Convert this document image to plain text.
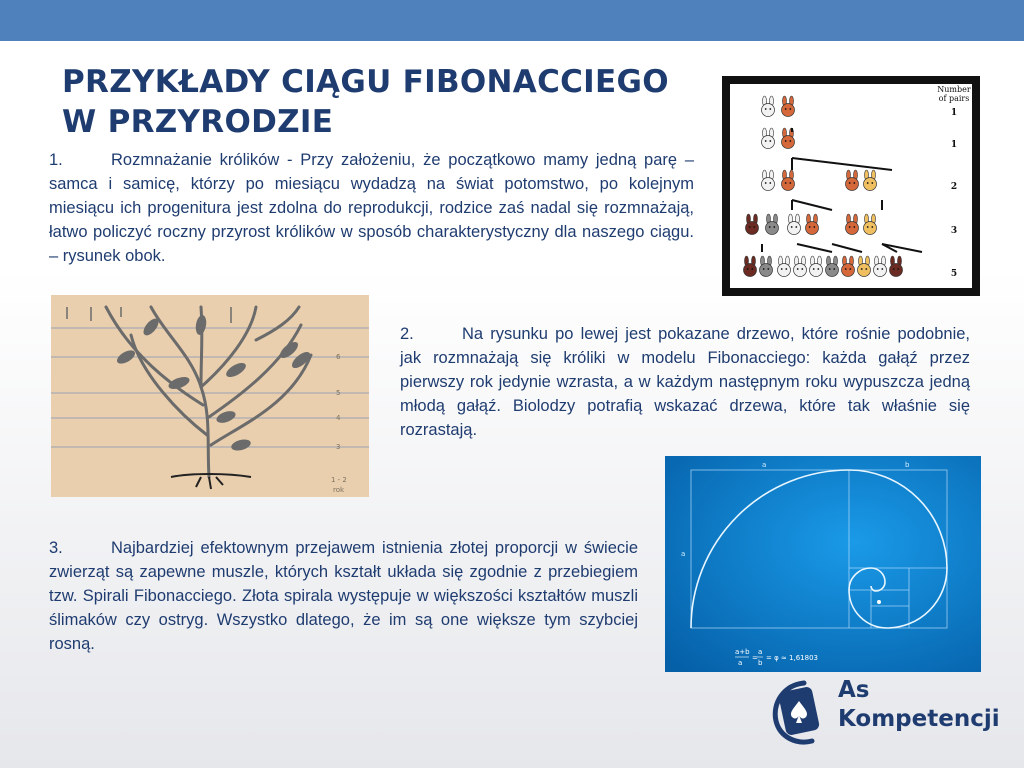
PRZYKŁADY CIĄGU FIBONACCIEGO
W PRZYRODZIE

1.	Rozmnażanie królików - Przy założeniu, że początkowo mamy jedną parę – samca i samicę, którzy po miesiącu wydadzą na świat potomstwo, po kolejnym miesiącu ich progenitura jest zdolna do reprodukcji, rodzice zaś nadal się rozmnażają, łatwo policzyć roczny przyrost królików w sposób charakterystyczny dla naszego ciągu. – rysunek obok.

2.	Na rysunku po lewej jest pokazane drzewo, które rośnie podobnie, jak rozmnażają się króliki w modelu Fibonacciego: każda gałąź przez pierwszy rok jedynie wzrasta, a w każdym następnym roku wypuszcza jedną młodą gałąź. Biolodzy potrafią wskazać drzewa, które tak właśnie się rozrastają.

3.	Najbardziej efektownym przejawem istnienia złotej proporcji w świecie zwierząt są zapewne muszle, których kształt układa się zgodnie z przebiegiem tzw. Spirali Fibonacciego. Złota spirala występuje w większości kształtów muszli ślimaków czy ostryg. Wszystko dlatego, że im są one większe tym szybciej rosną.

Number
of pairs
1
1
2
3
5
6
5
4
3
1 - 2
rok
a	b
a
a+b
a
=
a
b
= φ ≈ 1,61803
As
Kompetencji
